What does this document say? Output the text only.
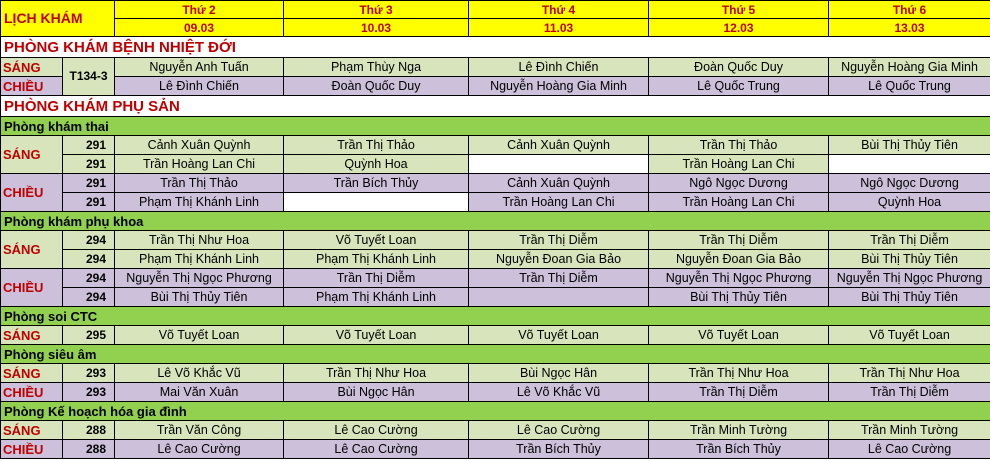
LỊCH KHÁM		Thứ 2	Thứ 3	Thứ 4	Thứ 5	Thứ 6
		09.03	10.03	11.03	12.03	13.03
PHÒNG KHÁM BỆNH NHIỆT ĐỚI						
SÁNG	T134-3	Nguyễn Anh Tuấn	Phạm Thùy Nga	Lê Đình Chiến	Đoàn Quốc Duy	Nguyễn Hoàng Gia Minh
CHIỀU		Lê Đình Chiến	Đoàn Quốc Duy	Nguyễn Hoàng Gia Minh	Lê Quốc Trung	Lê Quốc Trung
PHÒNG KHÁM PHỤ SẢN						
Phòng khám thai						
SÁNG	291	Cảnh Xuân Quỳnh	Trần Thị Thảo	Cảnh Xuân Quỳnh	Trần Thị Thảo	Bùi Thị Thủy Tiên
	291	Trần Hoàng Lan Chi	Quỳnh Hoa		Trần Hoàng Lan Chi	
CHIỀU	291	Trần Thị Thảo	Trần Bích Thủy	Cảnh Xuân Quỳnh	Ngô Ngọc Dương	Ngô Ngọc Dương
	291	Phạm Thị Khánh Linh		Trần Hoàng Lan Chi	Trần Hoàng Lan Chi	Quỳnh Hoa
Phòng khám phụ khoa						
SÁNG	294	Trần Thị Như Hoa	Võ Tuyết Loan	Trần Thị Diễm	Trần Thị Diễm	Trần Thị Diễm
	294	Phạm Thị Khánh Linh	Phạm Thị Khánh Linh	Nguyễn Đoan Gia Bảo	Nguyễn Đoan Gia Bảo	Bùi Thị Thủy Tiên
CHIỀU	294	Nguyễn Thị Ngọc Phương	Trần Thị Diễm	Trần Thị Diễm	Nguyễn Thị Ngọc Phương	Nguyễn Thị Ngọc Phương
	294	Bùi Thị Thủy Tiên	Phạm Thị Khánh Linh		Bùi Thị Thủy Tiên	Bùi Thị Thủy Tiên
Phòng soi CTC						
SÁNG	295	Võ Tuyết Loan	Võ Tuyết Loan	Võ Tuyết Loan	Võ Tuyết Loan	Võ Tuyết Loan
Phòng siêu âm						
SÁNG	293	Lê Võ Khắc Vũ	Trần Thị Như Hoa	Bùi Ngọc Hân	Trần Thị Như Hoa	Trần Thị Như Hoa
CHIỀU	293	Mai Văn Xuân	Bùi Ngọc Hân	Lê Võ Khắc Vũ	Trần Thị Diễm	Trần Thị Diễm
Phòng Kế hoạch hóa gia đình						
SÁNG	288	Trần Văn Công	Lê Cao Cường	Lê Cao Cường	Trần Minh Tường	Trần Minh Tường
CHIỀU	288	Lê Cao Cường	Lê Cao Cường	Trần Bích Thủy	Trần Bích Thủy	Lê Cao Cường
